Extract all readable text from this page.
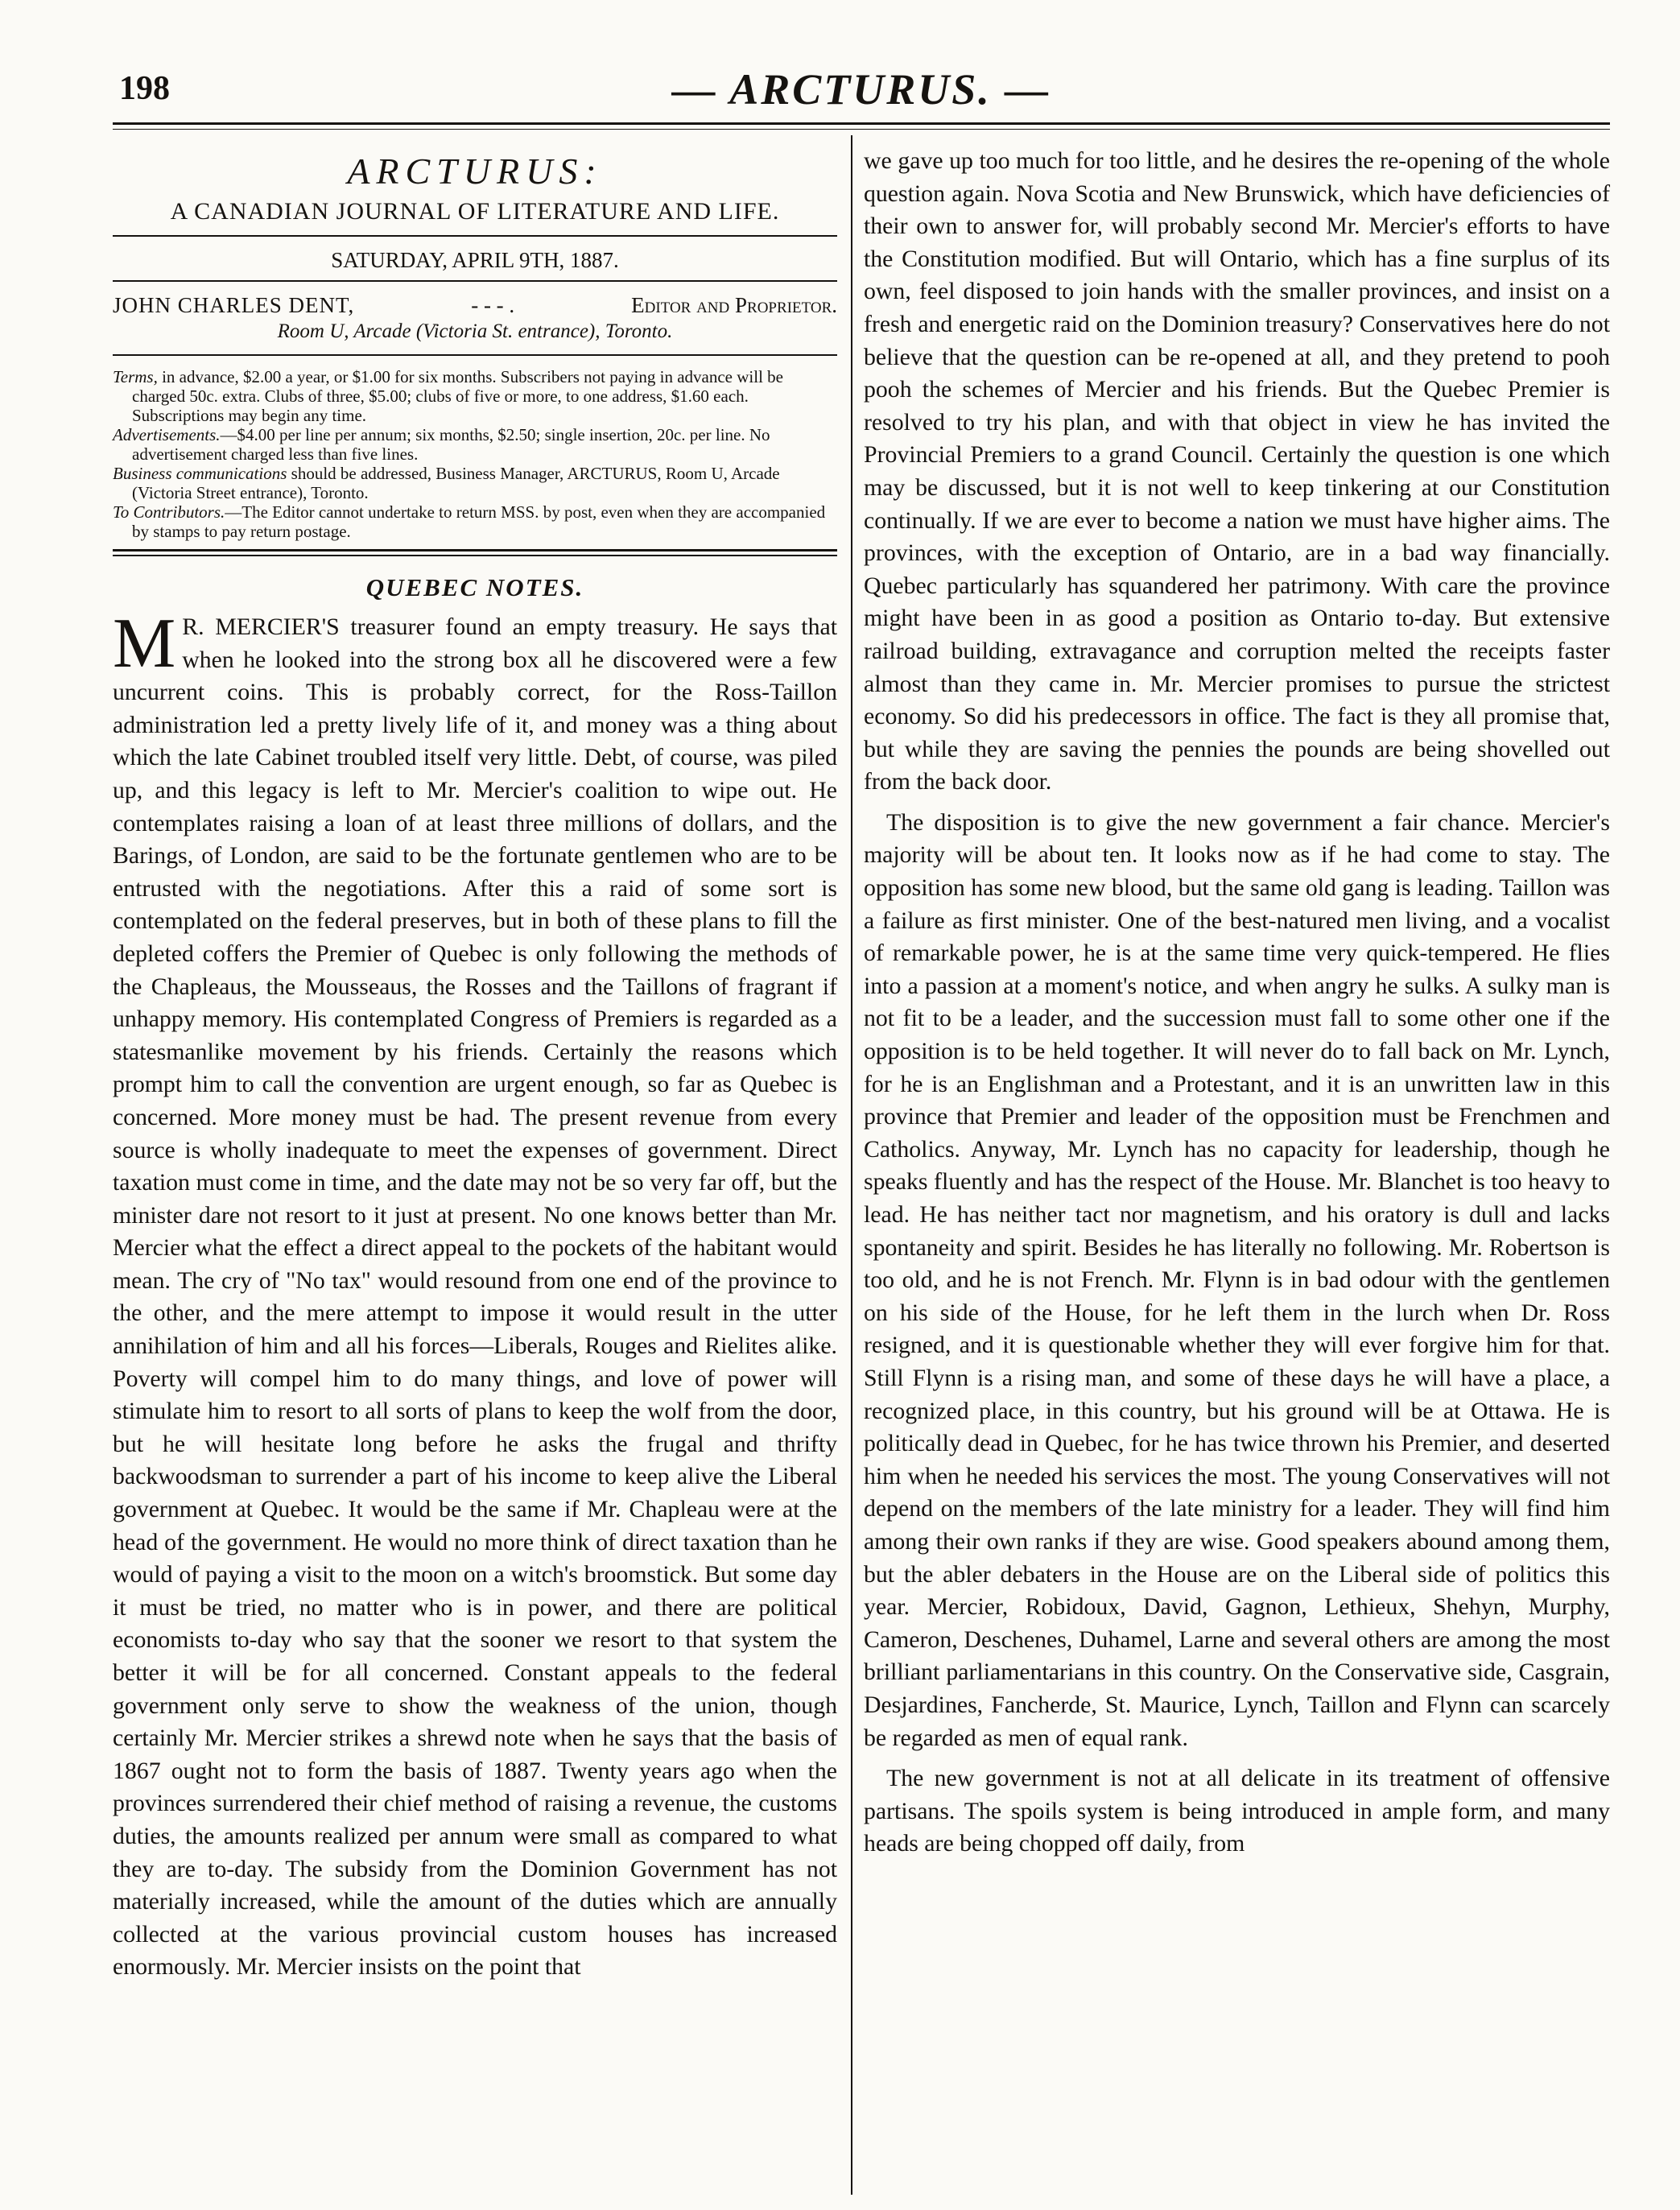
198	— ARCTURUS. —
ARCTURUS:
A CANADIAN JOURNAL OF LITERATURE AND LIFE.
SATURDAY, APRIL 9TH, 1887.
JOHN CHARLES DENT,	- - - .	Editor and Proprietor.
Room U, Arcade (Victoria St. entrance), Toronto.

Terms, in advance, $2.00 a year, or $1.00 for six months. Subscribers not paying in advance will be charged 50c. extra. Clubs of three, $5.00; clubs of five or more, to one address, $1.60 each. Subscriptions may begin any time.

Advertisements.—$4.00 per line per annum; six months, $2.50; single insertion, 20c. per line. No advertisement charged less than five lines.

Business communications should be addressed, Business Manager, ARCTURUS, Room U, Arcade (Victoria Street entrance), Toronto.

To Contributors.—The Editor cannot undertake to return MSS. by post, even when they are accompanied by stamps to pay return postage.

QUEBEC NOTES.

M R. MERCIER'S treasurer found an empty treasury. He says that when he looked into the strong box all he discovered were a few uncurrent coins. This is probably correct, for the Ross-Taillon administration led a pretty lively life of it, and money was a thing about which the late Cabinet troubled itself very little. Debt, of course, was piled up, and this legacy is left to Mr. Mercier's coalition to wipe out. He contemplates raising a loan of at least three millions of dollars, and the Barings, of London, are said to be the fortunate gentlemen who are to be entrusted with the negotiations. After this a raid of some sort is contemplated on the federal preserves, but in both of these plans to fill the depleted coffers the Premier of Quebec is only following the methods of the Chapleaus, the Mousseaus, the Rosses and the Taillons of fragrant if unhappy memory. His contemplated Congress of Premiers is regarded as a statesmanlike movement by his friends. Certainly the reasons which prompt him to call the convention are urgent enough, so far as Quebec is concerned. More money must be had. The present revenue from every source is wholly inadequate to meet the expenses of government. Direct taxation must come in time, and the date may not be so very far off, but the minister dare not resort to it just at present. No one knows better than Mr. Mercier what the effect a direct appeal to the pockets of the habitant would mean. The cry of "No tax" would resound from one end of the province to the other, and the mere attempt to impose it would result in the utter annihilation of him and all his forces—Liberals, Rouges and Rielites alike. Poverty will compel him to do many things, and love of power will stimulate him to resort to all sorts of plans to keep the wolf from the door, but he will hesitate long before he asks the frugal and thrifty backwoodsman to surrender a part of his income to keep alive the Liberal government at Quebec. It would be the same if Mr. Chapleau were at the head of the government. He would no more think of direct taxation than he would of paying a visit to the moon on a witch's broomstick. But some day it must be tried, no matter who is in power, and there are political economists to-day who say that the sooner we resort to that system the better it will be for all concerned. Constant appeals to the federal government only serve to show the weakness of the union, though certainly Mr. Mercier strikes a shrewd note when he says that the basis of 1867 ought not to form the basis of 1887. Twenty years ago when the provinces surrendered their chief method of raising a revenue, the customs duties, the amounts realized per annum were small as compared to what they are to-day. The subsidy from the Dominion Government has not materially increased, while the amount of the duties which are annually collected at the various provincial custom houses has increased enormously. Mr. Mercier insists on the point that

we gave up too much for too little, and he desires the re-opening of the whole question again. Nova Scotia and New Brunswick, which have deficiencies of their own to answer for, will probably second Mr. Mercier's efforts to have the Constitution modified. But will Ontario, which has a fine surplus of its own, feel disposed to join hands with the smaller provinces, and insist on a fresh and energetic raid on the Dominion treasury? Conservatives here do not believe that the question can be re-opened at all, and they pretend to pooh pooh the schemes of Mercier and his friends. But the Quebec Premier is resolved to try his plan, and with that object in view he has invited the Provincial Premiers to a grand Council. Certainly the question is one which may be discussed, but it is not well to keep tinkering at our Constitution continually. If we are ever to become a nation we must have higher aims. The provinces, with the exception of Ontario, are in a bad way financially. Quebec particularly has squandered her patrimony. With care the province might have been in as good a position as Ontario to-day. But extensive railroad building, extravagance and corruption melted the receipts faster almost than they came in. Mr. Mercier promises to pursue the strictest economy. So did his predecessors in office. The fact is they all promise that, but while they are saving the pennies the pounds are being shovelled out from the back door.

The disposition is to give the new government a fair chance. Mercier's majority will be about ten. It looks now as if he had come to stay. The opposition has some new blood, but the same old gang is leading. Taillon was a failure as first minister. One of the best-natured men living, and a vocalist of remarkable power, he is at the same time very quick-tempered. He flies into a passion at a moment's notice, and when angry he sulks. A sulky man is not fit to be a leader, and the succession must fall to some other one if the opposition is to be held together. It will never do to fall back on Mr. Lynch, for he is an Englishman and a Protestant, and it is an unwritten law in this province that Premier and leader of the opposition must be Frenchmen and Catholics. Anyway, Mr. Lynch has no capacity for leadership, though he speaks fluently and has the respect of the House. Mr. Blanchet is too heavy to lead. He has neither tact nor magnetism, and his oratory is dull and lacks spontaneity and spirit. Besides he has literally no following. Mr. Robertson is too old, and he is not French. Mr. Flynn is in bad odour with the gentlemen on his side of the House, for he left them in the lurch when Dr. Ross resigned, and it is questionable whether they will ever forgive him for that. Still Flynn is a rising man, and some of these days he will have a place, a recognized place, in this country, but his ground will be at Ottawa. He is politically dead in Quebec, for he has twice thrown his Premier, and deserted him when he needed his services the most. The young Conservatives will not depend on the members of the late ministry for a leader. They will find him among their own ranks if they are wise. Good speakers abound among them, but the abler debaters in the House are on the Liberal side of politics this year. Mercier, Robidoux, David, Gagnon, Lethieux, Shehyn, Murphy, Cameron, Deschenes, Duhamel, Larne and several others are among the most brilliant parliamentarians in this country. On the Conservative side, Casgrain, Desjardines, Fancherde, St. Maurice, Lynch, Taillon and Flynn can scarcely be regarded as men of equal rank.

The new government is not at all delicate in its treatment of offensive partisans. The spoils system is being introduced in ample form, and many heads are being chopped off daily, from
